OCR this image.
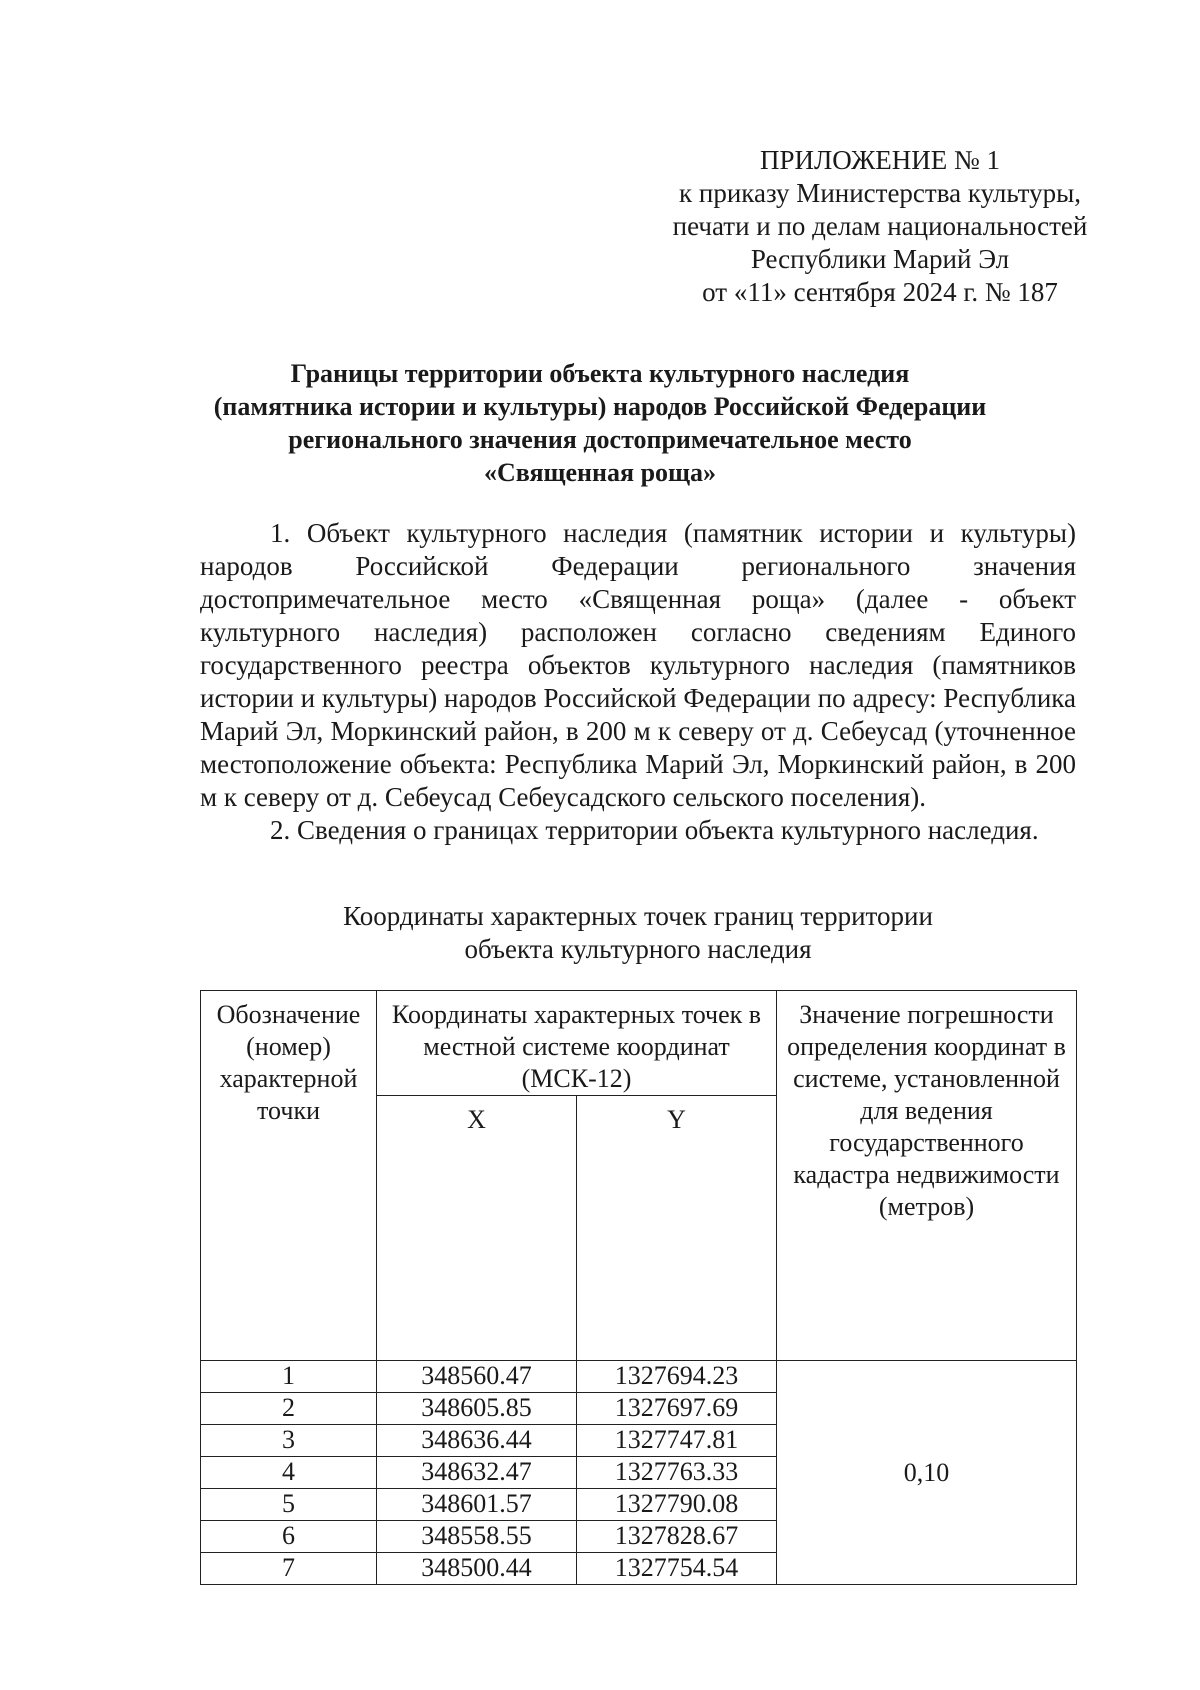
ПРИЛОЖЕНИЕ № 1
к приказу Министерства культуры,
печати и по делам национальностей
Республики Марий Эл
от «11» сентября 2024 г. № 187
Границы территории объекта культурного наследия
(памятника истории и культуры) народов Российской Федерации
регионального значения достопримечательное место
«Священная роща»

1. Объект культурного наследия (памятник истории и культуры) народов Российской Федерации регионального значения достопримечательное место «Священная роща» (далее - объект культурного наследия) расположен согласно сведениям Единого государственного реестра объектов культурного наследия (памятников истории и культуры) народов Российской Федерации по адресу: Республика Марий Эл, Моркинский район, в 200 м к северу от д. Себеусад (уточненное местоположение объекта: Республика Марий Эл, Моркинский район, в 200 м к северу от д. Себеусад Себеусадского сельского поселения).

2. Сведения о границах территории объекта культурного наследия.

Координаты характерных точек границ территории
объекта культурного наследия
Обозначение (номер) характерной точки	Координаты характерных точек в местной системе координат (МСК-12)		Значение погрешности определения координат в системе, установленной для ведения государственного кадастра недвижимости (метров)
	X	Y	
1	348560.47	1327694.23	0,10
2	348605.85	1327697.69	
3	348636.44	1327747.81	
4	348632.47	1327763.33	
5	348601.57	1327790.08	
6	348558.55	1327828.67	
7	348500.44	1327754.54	
